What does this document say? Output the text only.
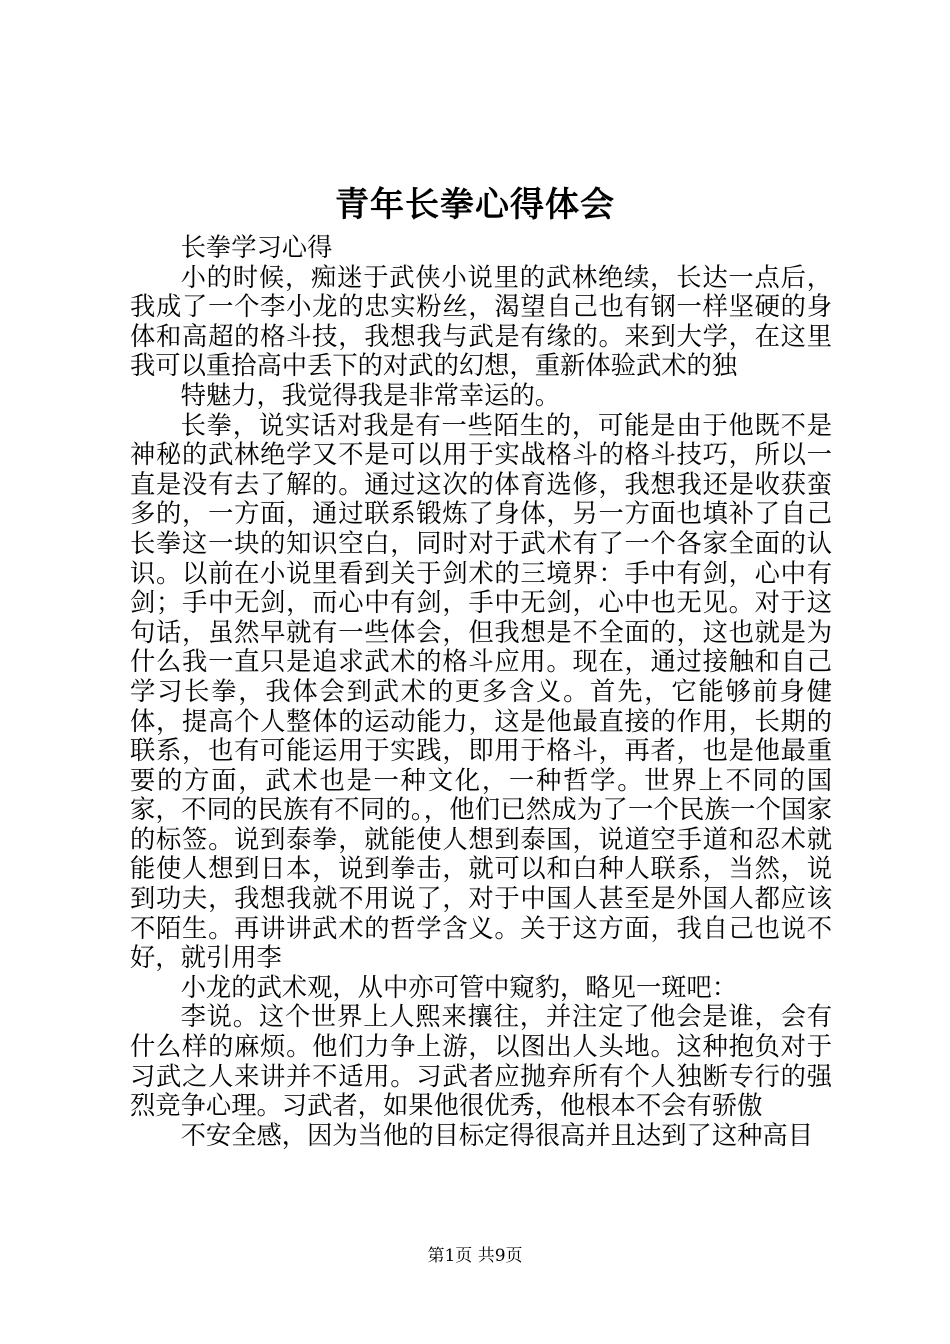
青年长拳心得体会

长拳学习心得

小的时候，痴迷于武侠小说里的武林绝续，长达一点后，我成了一个李小龙的忠实粉丝，渴望自己也有钢一样坚硬的身体和高超的格斗技，我想我与武是有缘的。来到大学，在这里我可以重拾高中丢下的对武的幻想，重新体验武术的独

特魅力，我觉得我是非常幸运的。

长拳，说实话对我是有一些陌生的，可能是由于他既不是神秘的武林绝学又不是可以用于实战格斗的格斗技巧，所以一直是没有去了解的。通过这次的体育选修，我想我还是收获蛮多的，一方面，通过联系锻炼了身体，另一方面也填补了自己长拳这一块的知识空白，同时对于武术有了一个各家全面的认识。以前在小说里看到关于剑术的三境界：手中有剑，心中有剑；手中无剑，而心中有剑，手中无剑，心中也无见。对于这句话，虽然早就有一些体会，但我想是不全面的，这也就是为什么我一直只是追求武术的格斗应用。现在，通过接触和自己学习长拳，我体会到武术的更多含义。首先，它能够前身健体，提高个人整体的运动能力，这是他最直接的作用，长期的联系，也有可能运用于实践，即用于格斗，再者，也是他最重要的方面，武术也是一种文化，一种哲学。世界上不同的国家，不同的民族有不同的。，他们已然成为了一个民族一个国家的标签。说到泰拳，就能使人想到泰国，说道空手道和忍术就能使人想到日本，说到拳击，就可以和白种人联系，当然，说到功夫，我想我就不用说了，对于中国人甚至是外国人都应该不陌生。再讲讲武术的哲学含义。关于这方面，我自己也说不好，就引用李

小龙的武术观，从中亦可管中窥豹，略见一斑吧：

李说。这个世界上人熙来攘往，并注定了他会是谁，会有什么样的麻烦。他们力争上游，以图出人头地。这种抱负对于习武之人来讲并不适用。习武者应抛弃所有个人独断专行的强烈竞争心理。习武者，如果他很优秀，他根本不会有骄傲

不安全感，因为当他的目标定得很高并且达到了这种高目

第1页 共9页
